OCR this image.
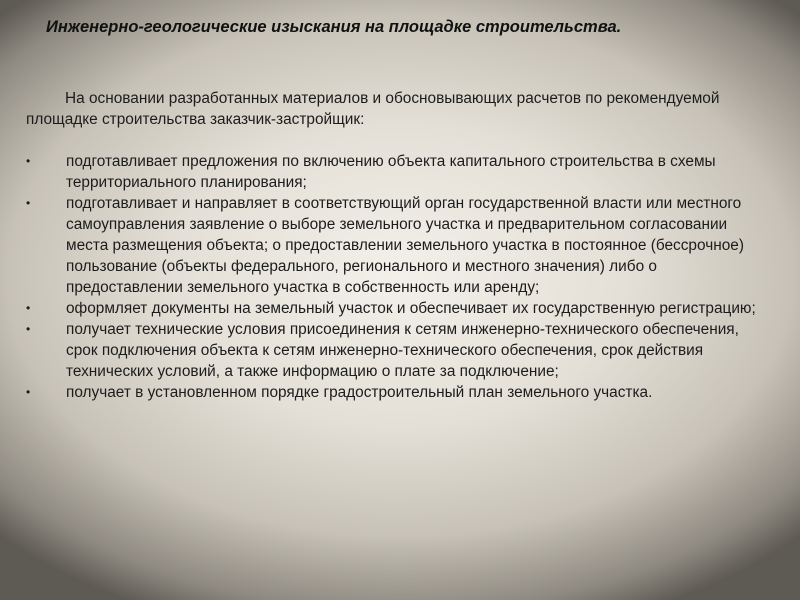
Инженерно-геологические изыскания на площадке строительства.

На основании разработанных материалов и обосновывающих расчетов по рекомендуемой площадке строительства заказчик-застройщик:

•	подготавливает предложения по включению объекта капитального строительства в схемы территориального планирования;
•	подготавливает и направляет в соответствующий орган государственной власти или местного самоуправления заявление о выборе земельного участка и предварительном согласовании места размещения объекта; о предоставлении земельного участка в постоянное (бессрочное) пользование (объекты федерального, регионального и местного значения) либо о предоставлении земельного участка в собственность или аренду;
•	оформляет документы на земельный участок и обеспечивает их государственную регистрацию;
•	получает технические условия присоединения к сетям инженерно-технического обеспечения, срок подключения объекта к сетям инженерно-технического обеспечения, срок действия технических условий, а также информацию о плате за подключение;
•	получает в установленном порядке градостроительный план земельного участка.
